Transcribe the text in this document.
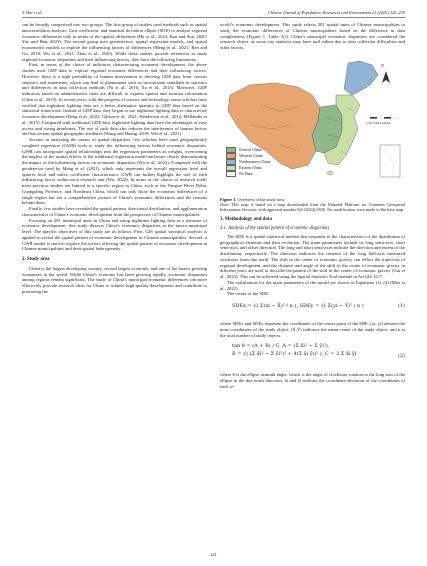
Y. Hai et al.	Chinese Journal of Population, Resources and Environment 23 (2025) 226–235

can be broadly categorized into two groups. The first group of studies used methods such as spatial autocorrelation analysis, Gini coefficient, and standard deviation ellipse (SDE) to analyze regional economic differences only in terms of the spatial differences (Hu et al., 2024; Ran and Sun, 2020; Yao and Han, 2023). The second group uses geodetectors, spatial regression models, and spatial econometric models to explore the influencing factors of differences (Meng et al., 2021; Ren and Gu, 2018; Wu et al., 2021; Zhao et al., 2020). While these studies provide references to study regional economic disparities and their influencing factors, they have the following limitations.

First, in terms of the choice of indicators characterizing economic development, the above studies used GDP data to explore regional economic differences and their influencing factors. However, there is a high probability of human intervention in deriving GDP data from various statistics and statements, which can lead to phenomena such as inconsistent standards in statistics and differences in data collection methods (Ni et al., 2016; Xu et al., 2015). Moreover, GDP indicators based on administrative units are difficult to express spatial and location information (Chen et al., 2019). In recent years, with the progress of science and technology, some scholars have verified that nighttime lighting data are a better alternative quantity to GDP data based on the statistical framework. Instead of GDP data, they began to use nighttime lighting data to characterize economic development (Deng et al., 2022; Gibson et al., 2021; Henderson et al., 2012; Mellander et al., 2015). Compared with traditional GDP data, nighttime lighting data have the advantages of easy access and strong timeliness. The use of such data also reduces the interference of human factors and has certain spatial geographic attributes (Wang and Huang, 2018; Wei et al., 2021).

Second, in analyzing the causes of spatial disparities, few scholars have used geographically weighted regression (GWR) tools to study the influencing factors behind economic disparities. GWR can incorporate spatial relationships into the regression parameters as weights, overcoming the neglect of the spatial effects of the traditional regression model and more clearly demonstrating the impact of the influencing factors on economic disparities (Wu et al., 2023). Compared with the geodetector used by Meng et al. (2021), which only represents the overall regression level and ignores local and micro coefficient characteristics, GWR can further highlight the role of each influencing factor within each research unit (Wu, 2022). In terms of the choice of research scale, most previous studies are limited to a specific region in China, such as the Yangtze River Delta, Guangdong Province, and Northeast China, which can only show the economic differences of a single region but not a comprehensive picture of China’s economic differences and the reasons behind them.

Finally, few studies have revealed the spatial pattern, directional distribution, and agglomeration characteristics of China’s economic development from the perspective of Chinese municipalities.

Focusing on 281 municipal units in China and using nighttime lighting data as a measure of economic development, this study dissects China’s economic disparities at the macro-municipal level. The specific objectives of this study are as follows. First, GIS spatial statistical analysis is applied to reveal the spatial pattern of economic development in Chinese municipalities. Second, a GWR model is used to explore the factors affecting the spatial pattern of economic development in Chinese municipalities and their spatial heterogeneity.

2. Study area

China is the largest developing country, second largest economy, and one of the fastest growing economies in the world. While China’s economy has been growing rapidly, economic disparities among regions remain significant. The study of China’s municipal economic differences can more effectively provide research ideas for China to achieve high-quality development and contribute to promoting the

world’s economic development. This study selects 281 spatial units of Chinese municipalities to study the economic differences of Chinese municipalities based on the difference in data completeness (Figure 1, Table A1). China’s municipal economic disparities are considered the research object, as some city statistics may have null values due to data collection difficulties and other factors.

Central China
Western China
Northeastern China
Eastern China
No Data
N
0 545 1,090 2,180 km
Figure 1. Overview of the study area.
Note: This map is based on a map downloaded from the National Platform for Common Geospatial Information Services, with approval number GS (2024) 0650. No modification were made to the base map.
3. Methodology and data
3.1. Analysis of the spatial pattern of economic disparities

The SDE is a spatial statistical method that responds to the characteristics of the distribution of geographical elements and their evolution. The main parameters include its long semi-axis, short semi-axis, and offset direction. The long and short semi-axes indicate the direction and extent of the distribution, respectively. The direction indicates the rotation of the long half-axis measured clockwise from due north. The shift in the center of economic gravity can reflect the trajectory of regional development, and the distance and angle of the shift in the center of economic gravity in different years are used to describe the pattern of the shift in the center of economic gravity (Gui et al., 2023). This can be achieved using the Spatial Statistics Tool module in ArcGIS 10.7.

The calculations for the main parameters of the model are shown in Equations (1)–(4) (Mao et al., 2022).

The center of the SDE:

SDEx = √( Σ(xi − X̄)² / n ), SDEy = √( Σ(yi − Ȳ)² / n )	(1)

where SDEx and SDEy represent the coordinates of the center point of the SDE, (xi, yi) denotes the none coordinates of the study object, (X̄,Ȳ) indicates the mean center of the study object, and n is the total number of study objects.

tan θ = (A + B) / C, A = (Σ x̃i² − Σ ỹi²),
B = √( (Σ x̃i² − Σ ỹi²)² + 4(Σ x̃i ỹi)² ), C = 2 Σ x̃i ỹi	(2)

where θ is the ellipse azimuth angle, which is the angle of clockwise rotation to the long axis of the ellipse in the due north direction; x̃i and ỹi indicate the coordinate deviation of the coordinates of each re-

221
